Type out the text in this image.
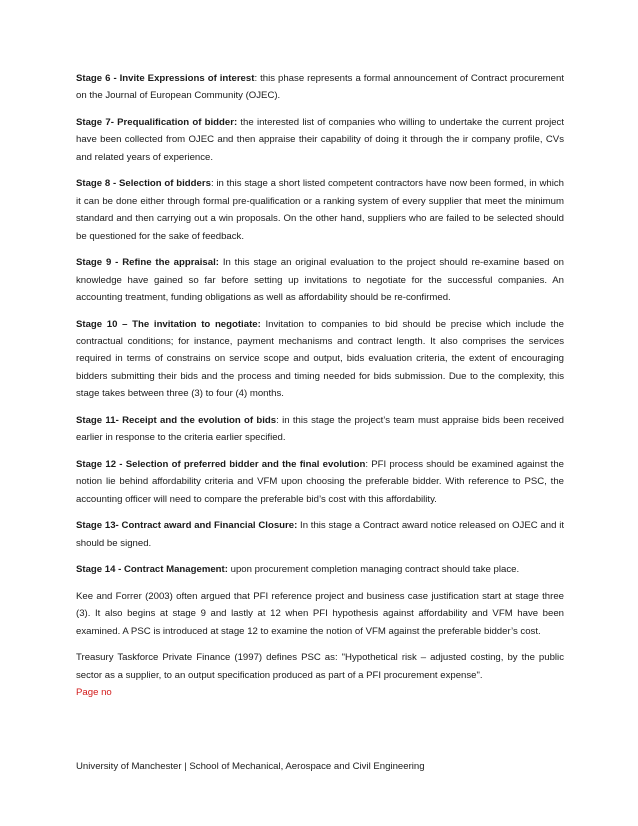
Stage 6 - Invite Expressions of interest: this phase represents a formal announcement of Contract procurement on the Journal of European Community (OJEC).

Stage 7- Prequalification of bidder: the interested list of companies who willing to undertake the current project have been collected from OJEC and then appraise their capability of doing it through the ir company profile, CVs and related years of experience.

Stage 8 - Selection of bidders: in this stage a short listed competent contractors have now been formed, in which it can be done either through formal pre-qualification or a ranking system of every supplier that meet the minimum standard and then carrying out a win proposals. On the other hand, suppliers who are failed to be selected should be questioned for the sake of feedback.

Stage 9 - Refine the appraisal: In this stage an original evaluation to the project should re-examine based on knowledge have gained so far before setting up invitations to negotiate for the successful companies. An accounting treatment, funding obligations as well as affordability should be re-confirmed.

Stage 10 – The invitation to negotiate: Invitation to companies to bid should be precise which include the contractual conditions; for instance, payment mechanisms and contract length. It also comprises the services required in terms of constrains on service scope and output, bids evaluation criteria, the extent of encouraging bidders submitting their bids and the process and timing needed for bids submission. Due to the complexity, this stage takes between three (3) to four (4) months.

Stage 11- Receipt and the evolution of bids: in this stage the project’s team must appraise bids been received earlier in response to the criteria earlier specified.

Stage 12 - Selection of preferred bidder and the final evolution: PFI process should be examined against the notion lie behind affordability criteria and VFM upon choosing the preferable bidder. With reference to PSC, the accounting officer will need to compare the preferable bid’s cost with this affordability.

Stage 13- Contract award and Financial Closure: In this stage a Contract award notice released on OJEC and it should be signed.

Stage 14 - Contract Management: upon procurement completion managing contract should take place.

Kee and Forrer (2003) often argued that PFI reference project and business case justification start at stage three (3). It also begins at stage 9 and lastly at 12 when PFI hypothesis against affordability and VFM have been examined. A PSC is introduced at stage 12 to examine the notion of VFM against the preferable bidder’s cost.

Treasury Taskforce Private Finance (1997) defines PSC as: "Hypothetical risk – adjusted costing, by the public sector as a supplier, to an output specification produced as part of a PFI procurement expense".

Page no
University of Manchester | School of Mechanical, Aerospace and Civil Engineering
